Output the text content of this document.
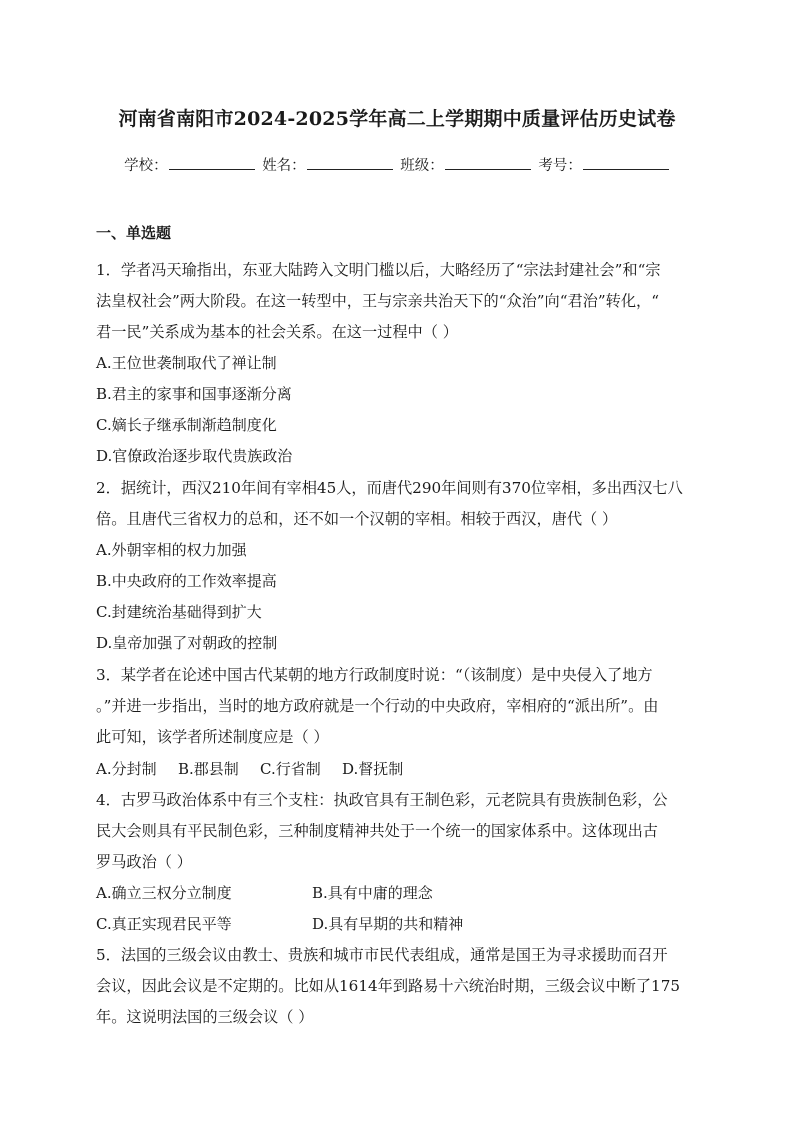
河南省南阳市2024-2025学年高二上学期期中质量评估历史试卷
学校：	姓名：	班级：	考号：
一、单选题
1．学者冯天瑜指出，东亚大陆跨入文明门槛以后，大略经历了“宗法封建社会”和“宗
法皇权社会”两大阶段。在这一转型中，王与宗亲共治天下的“众治”向“君治”转化，“
君一民”关系成为基本的社会关系。在这一过程中（ ）
A.王位世袭制取代了禅让制
B.君主的家事和国事逐渐分离
C.嫡长子继承制渐趋制度化
D.官僚政治逐步取代贵族政治
2．据统计，西汉210年间有宰相45人，而唐代290年间则有370位宰相，多出西汉七八
倍。且唐代三省权力的总和，还不如一个汉朝的宰相。相较于西汉，唐代（ ）
A.外朝宰相的权力加强
B.中央政府的工作效率提高
C.封建统治基础得到扩大
D.皇帝加强了对朝政的控制
3．某学者在论述中国古代某朝的地方行政制度时说：“（该制度）是中央侵入了地方
。”并进一步指出，当时的地方政府就是一个行动的中央政府，宰相府的“派出所”。由
此可知，该学者所述制度应是（ ）
A.分封制 B.郡县制 C.行省制 D.督抚制
4．古罗马政治体系中有三个支柱：执政官具有王制色彩，元老院具有贵族制色彩，公
民大会则具有平民制色彩，三种制度精神共处于一个统一的国家体系中。这体现出古
罗马政治（ ）
A.确立三权分立制度	B.具有中庸的理念
C.真正实现君民平等	D.具有早期的共和精神
5．法国的三级会议由教士、贵族和城市市民代表组成，通常是国王为寻求援助而召开
会议，因此会议是不定期的。比如从1614年到路易十六统治时期，三级会议中断了175
年。这说明法国的三级会议（ ）
